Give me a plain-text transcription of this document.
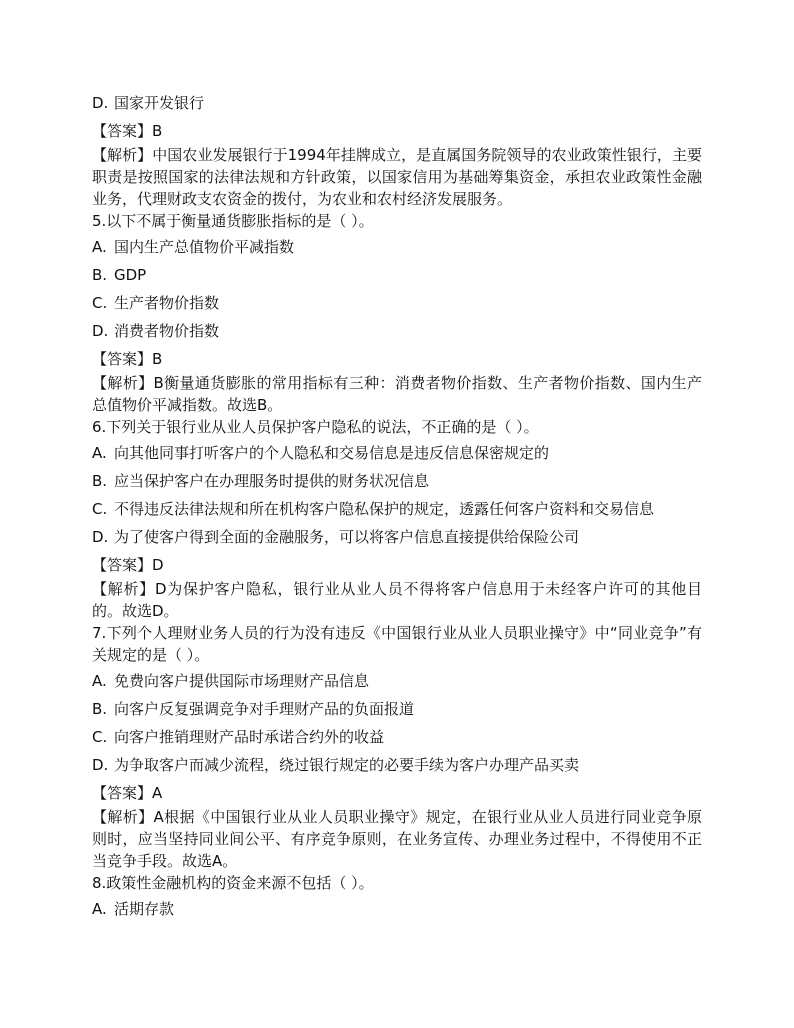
D. 国家开发银行
【答案】B
【解析】中国农业发展银行于1994年挂牌成立，是直属国务院领导的农业政策性银行，主要职责是按照国家的法律法规和方针政策，以国家信用为基础筹集资金，承担农业政策性金融业务，代理财政支农资金的拨付，为农业和农村经济发展服务。
5.以下不属于衡量通货膨胀指标的是（ ）。
A. 国内生产总值物价平减指数
B. GDP
C. 生产者物价指数
D. 消费者物价指数
【答案】B
【解析】B衡量通货膨胀的常用指标有三种：消费者物价指数、生产者物价指数、国内生产总值物价平减指数。故选B。
6.下列关于银行业从业人员保护客户隐私的说法，不正确的是（ ）。
A. 向其他同事打听客户的个人隐私和交易信息是违反信息保密规定的
B. 应当保护客户在办理服务时提供的财务状况信息
C. 不得违反法律法规和所在机构客户隐私保护的规定，透露任何客户资料和交易信息
D. 为了使客户得到全面的金融服务，可以将客户信息直接提供给保险公司
【答案】D
【解析】D为保护客户隐私，银行业从业人员不得将客户信息用于未经客户许可的其他目的。故选D。
7.下列个人理财业务人员的行为没有违反《中国银行业从业人员职业操守》中“同业竞争”有关规定的是（ ）。
A. 免费向客户提供国际市场理财产品信息
B. 向客户反复强调竞争对手理财产品的负面报道
C. 向客户推销理财产品时承诺合约外的收益
D. 为争取客户而减少流程，绕过银行规定的必要手续为客户办理产品买卖
【答案】A
【解析】A根据《中国银行业从业人员职业操守》规定，在银行业从业人员进行同业竞争原则时，应当坚持同业间公平、有序竞争原则，在业务宣传、办理业务过程中，不得使用不正当竞争手段。故选A。
8.政策性金融机构的资金来源不包括（ ）。
A. 活期存款
